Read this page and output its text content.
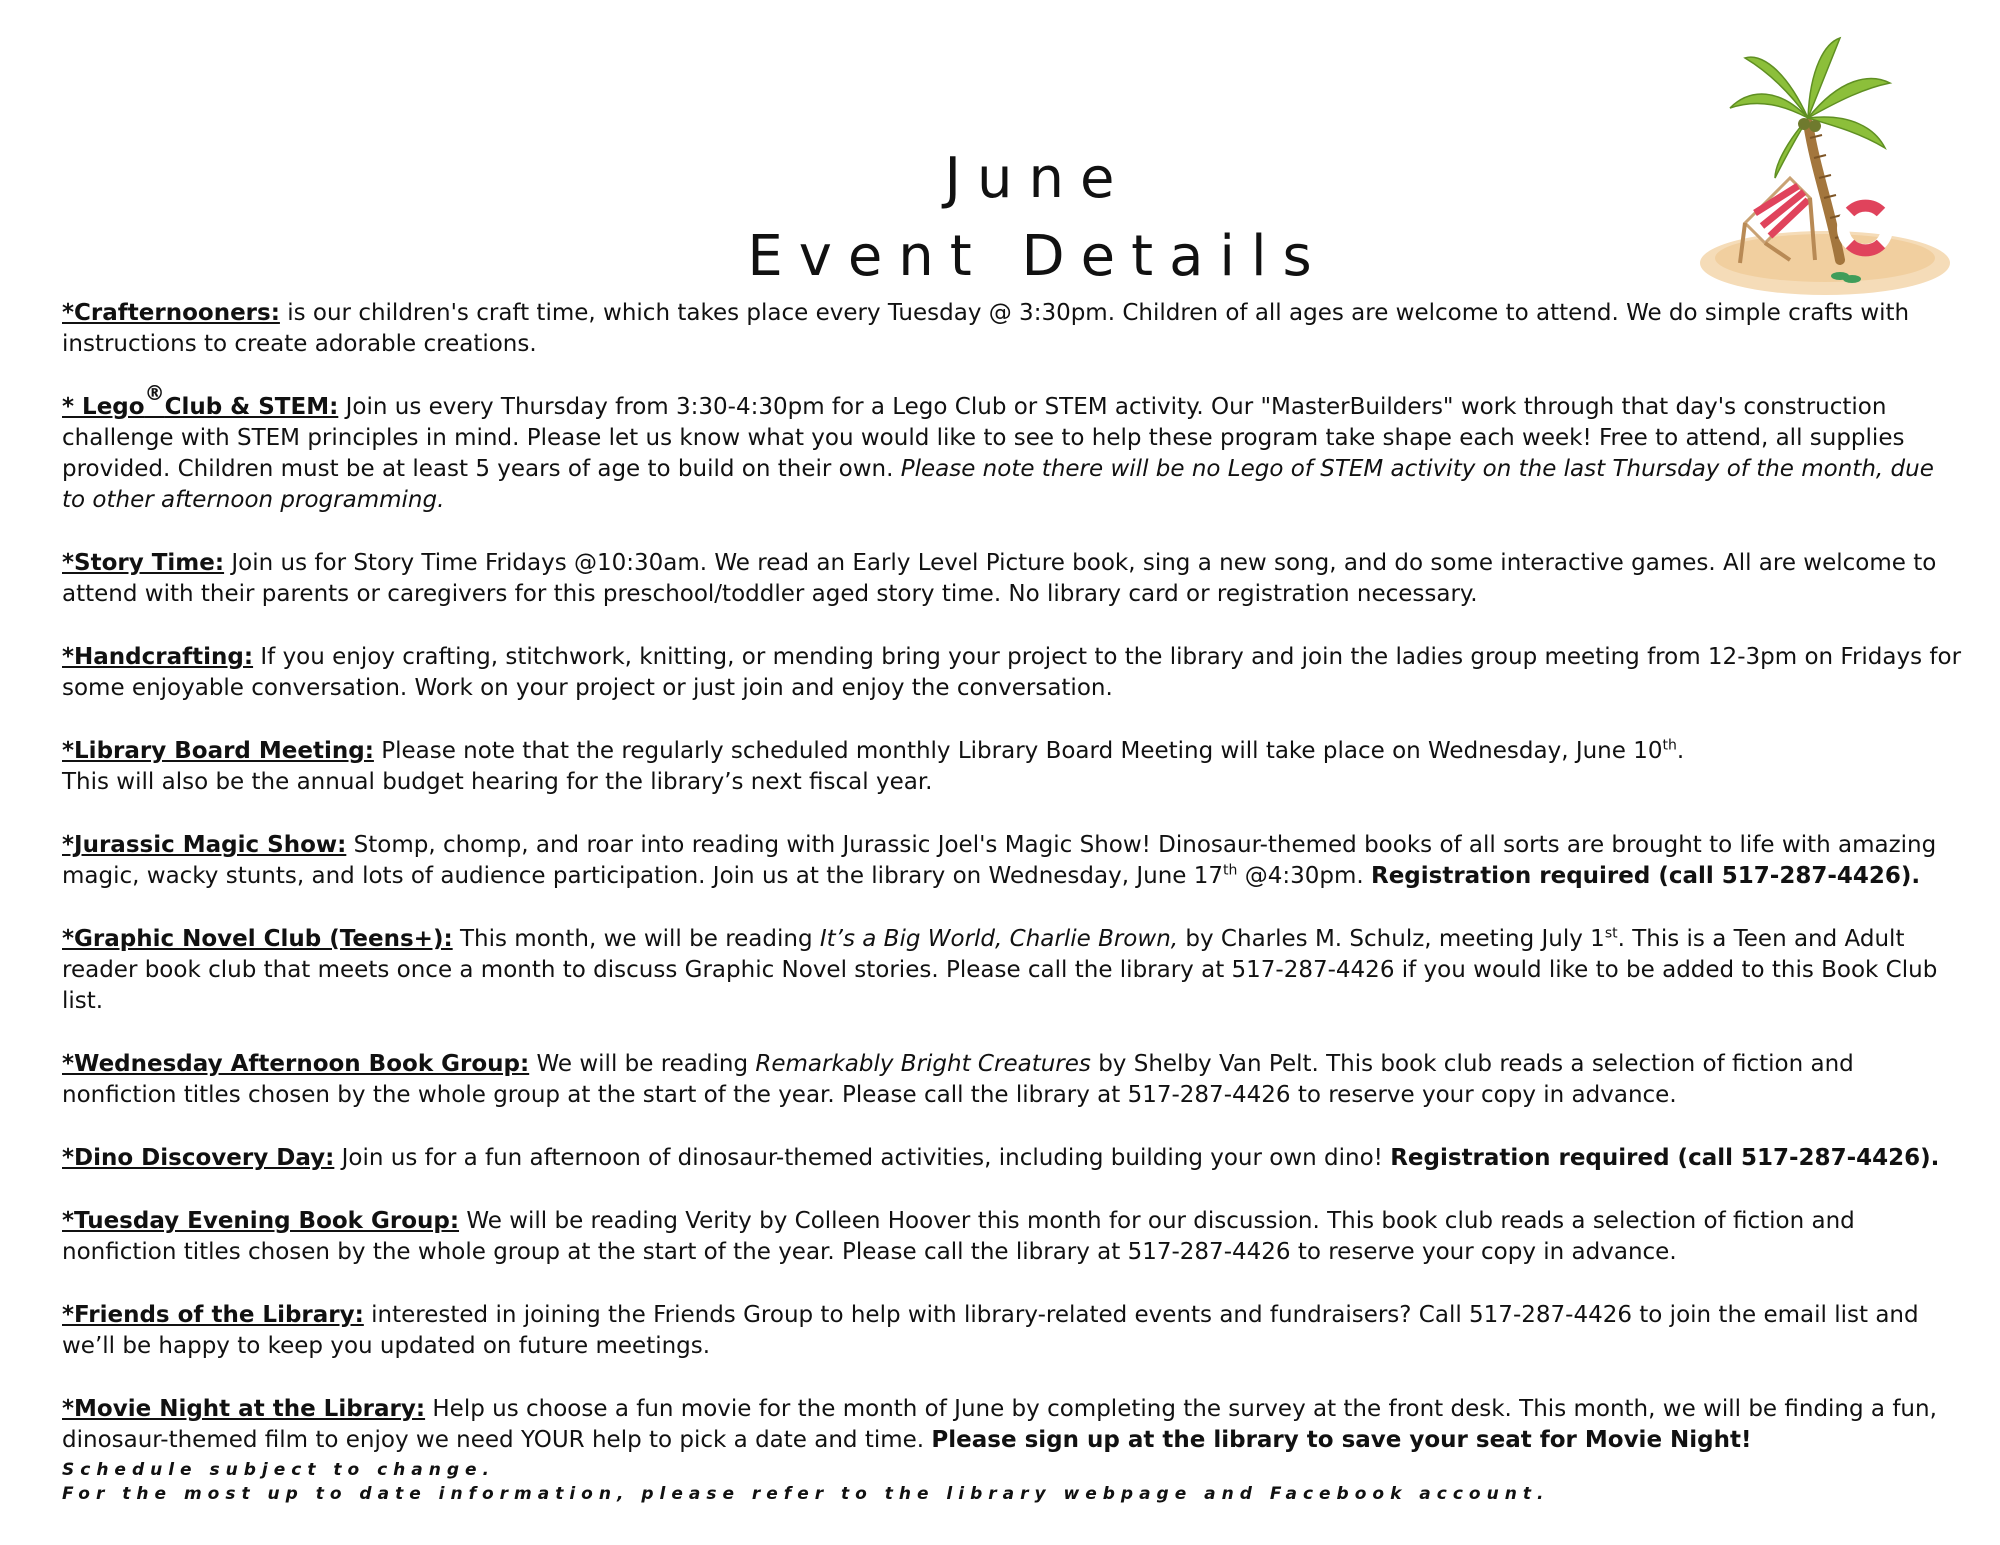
June
Event Details
*Crafternooners: is our children's craft time, which takes place every Tuesday @ 3:30pm. Children of all ages are welcome to attend. We do simple crafts with instructions to create adorable creations.
* Lego®Club & STEM: Join us every Thursday from 3:30-4:30pm for a Lego Club or STEM activity. Our "MasterBuilders" work through that day's construction challenge with STEM principles in mind. Please let us know what you would like to see to help these program take shape each week! Free to attend, all supplies provided. Children must be at least 5 years of age to build on their own. Please note there will be no Lego of STEM activity on the last Thursday of the month, due to other afternoon programming.
*Story Time: Join us for Story Time Fridays @10:30am. We read an Early Level Picture book, sing a new song, and do some interactive games. All are welcome to attend with their parents or caregivers for this preschool/toddler aged story time. No library card or registration necessary.
*Handcrafting: If you enjoy crafting, stitchwork, knitting, or mending bring your project to the library and join the ladies group meeting from 12-3pm on Fridays for some enjoyable conversation. Work on your project or just join and enjoy the conversation.
*Library Board Meeting: Please note that the regularly scheduled monthly Library Board Meeting will take place on Wednesday, June 10th.
This will also be the annual budget hearing for the library’s next fiscal year.
*Jurassic Magic Show: Stomp, chomp, and roar into reading with Jurassic Joel's Magic Show! Dinosaur-themed books of all sorts are brought to life with amazing magic, wacky stunts, and lots of audience participation. Join us at the library on Wednesday, June 17th @4:30pm. Registration required (call 517-287-4426).
*Graphic Novel Club (Teens+): This month, we will be reading It’s a Big World, Charlie Brown, by Charles M. Schulz, meeting July 1st. This is a Teen and Adult reader book club that meets once a month to discuss Graphic Novel stories. Please call the library at 517-287-4426 if you would like to be added to this Book Club list.
*Wednesday Afternoon Book Group: We will be reading Remarkably Bright Creatures by Shelby Van Pelt. This book club reads a selection of fiction and nonfiction titles chosen by the whole group at the start of the year. Please call the library at 517-287-4426 to reserve your copy in advance.
*Dino Discovery Day: Join us for a fun afternoon of dinosaur-themed activities, including building your own dino! Registration required (call 517-287-4426).
*Tuesday Evening Book Group: We will be reading Verity by Colleen Hoover this month for our discussion. This book club reads a selection of fiction and nonfiction titles chosen by the whole group at the start of the year. Please call the library at 517-287-4426 to reserve your copy in advance.
*Friends of the Library: interested in joining the Friends Group to help with library-related events and fundraisers? Call 517-287-4426 to join the email list and we’ll be happy to keep you updated on future meetings.
*Movie Night at the Library: Help us choose a fun movie for the month of June by completing the survey at the front desk. This month, we will be finding a fun, dinosaur-themed film to enjoy we need YOUR help to pick a date and time. Please sign up at the library to save your seat for Movie Night!
Schedule subject to change.
For the most up to date information, please refer to the library webpage and Facebook account.
